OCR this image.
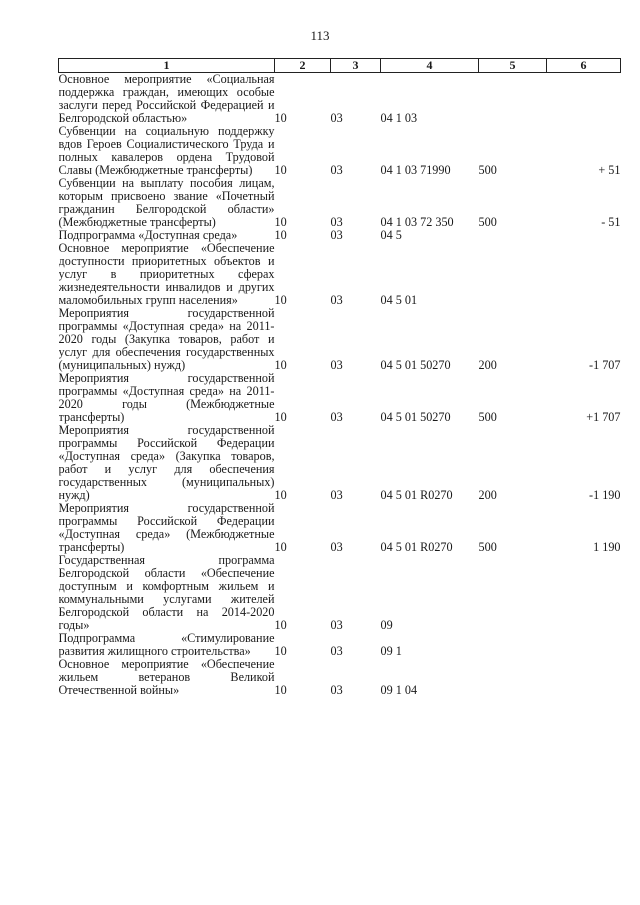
113
1	2	3	4	5	6

Основное мероприятие «Социальная					

поддержка граждан, имеющих особые					

заслуги перед Российской Федерацией и					

Белгородской областью»	10	03	04 1 03		

Субвенции на социальную поддержку					

вдов Героев Социалистического Труда и					

полных кавалеров ордена Трудовой					

Славы (Межбюджетные трансферты)	10	03	04 1 03 71990	500	+ 51

Субвенции на выплату пособия лицам,					

которым присвоено звание «Почетный					

гражданин Белгородской области»					

(Межбюджетные трансферты)	10	03	04 1 03 72 350	500	- 51

Подпрограмма «Доступная среда»	10	03	04 5		

Основное мероприятие «Обеспечение					

доступности приоритетных объектов и					

услуг в приоритетных сферах					

жизнедеятельности инвалидов и других					

маломобильных групп населения»	10	03	04 5 01		

Мероприятия государственной					

программы «Доступная среда» на 2011-					

2020 годы (Закупка товаров, работ и					

услуг для обеспечения государственных					

(муниципальных) нужд)	10	03	04 5 01 50270	200	-1 707

Мероприятия государственной					

программы «Доступная среда» на 2011-					

2020 годы (Межбюджетные					

трансферты)	10	03	04 5 01 50270	500	+1 707

Мероприятия государственной					

программы Российской Федерации					

«Доступная среда» (Закупка товаров,					

работ и услуг для обеспечения					

государственных (муниципальных)					

нужд)	10	03	04 5 01 R0270	200	-1 190

Мероприятия государственной					

программы Российской Федерации					

«Доступная среда» (Межбюджетные					

трансферты)	10	03	04 5 01 R0270	500	1 190

Государственная программа					

Белгородской области «Обеспечение					

доступным и комфортным жильем и					

коммунальными услугами жителей					

Белгородской области на 2014-2020					

годы»	10	03	09		

Подпрограмма «Стимулирование					

развития жилищного строительства»	10	03	09 1		

Основное мероприятие «Обеспечение					

жильем ветеранов Великой					

Отечественной войны»	10	03	09 1 04		
